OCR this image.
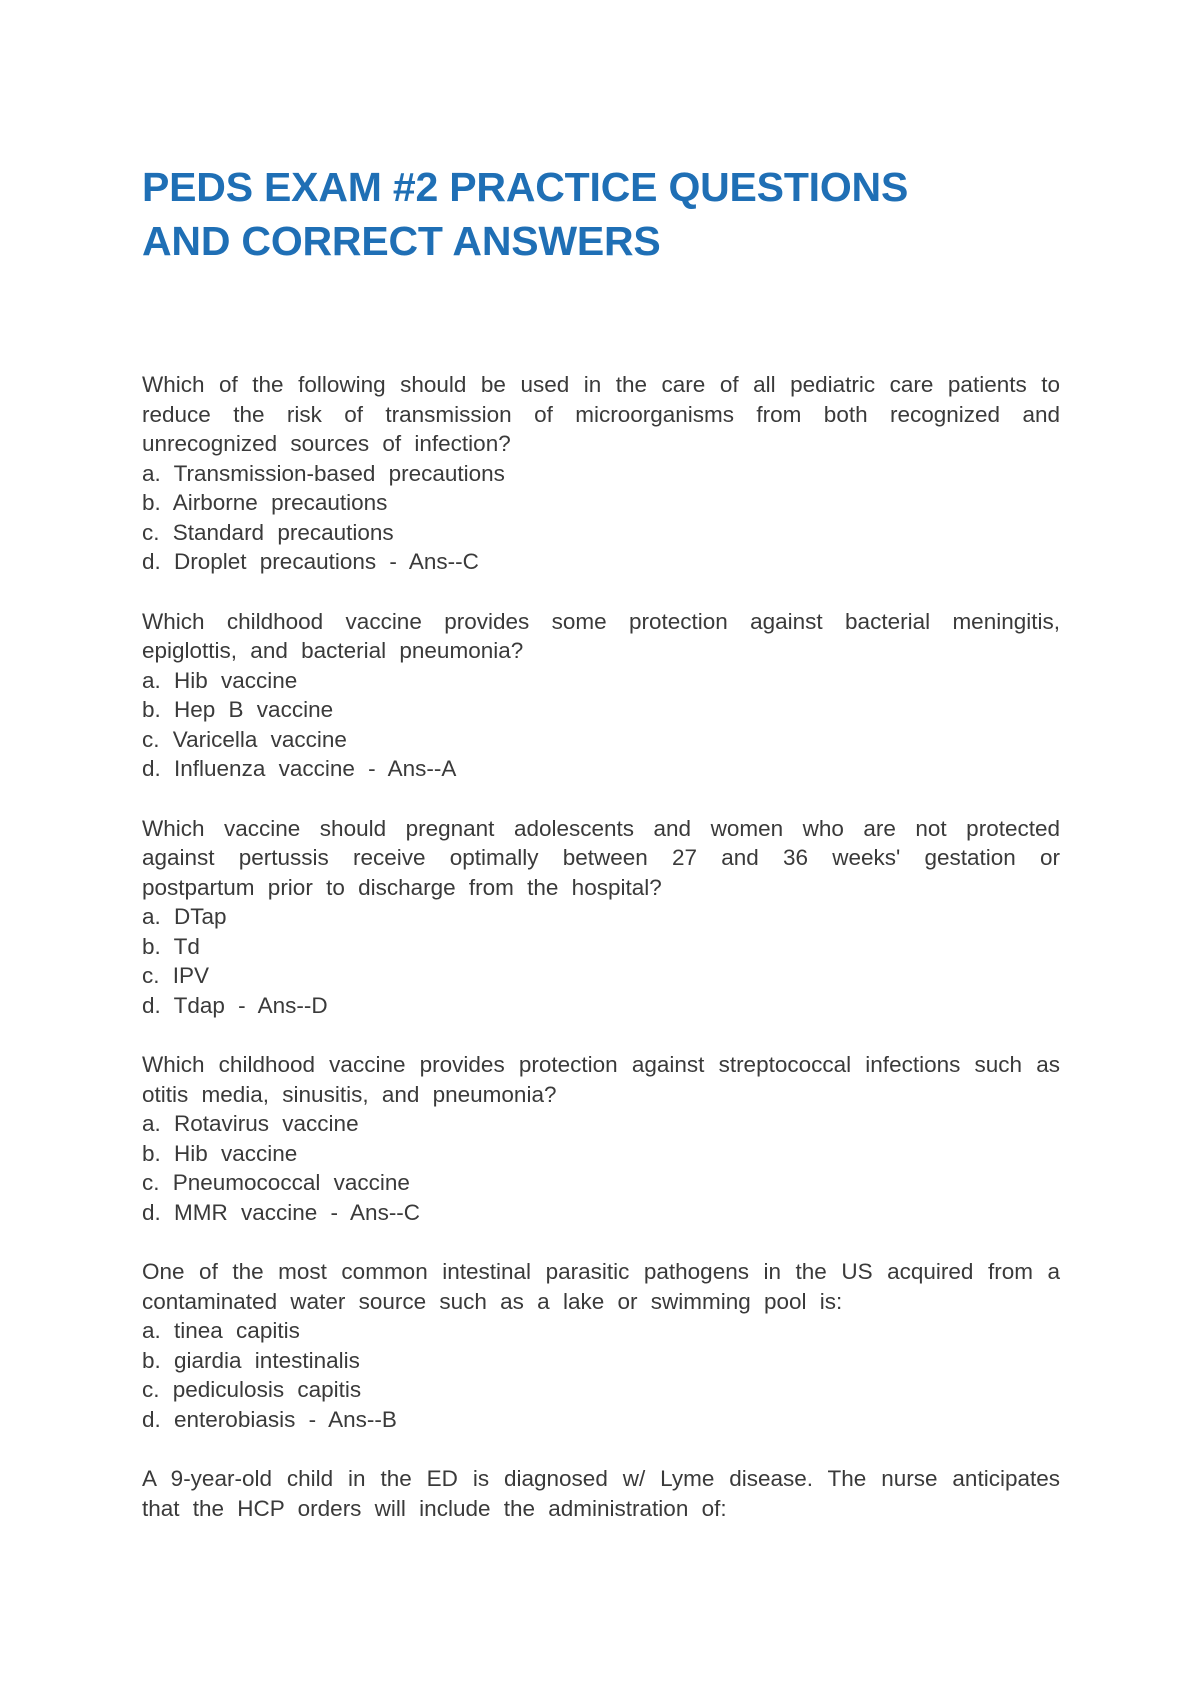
PEDS EXAM #2 PRACTICE QUESTIONS
AND CORRECT ANSWERS

Which of the following should be used in the care of all pediatric care patients to reduce the risk of transmission of microorganisms from both recognized and unrecognized sources of infection?

a. Transmission-based precautions
b. Airborne precautions
c. Standard precautions
d. Droplet precautions - Ans--C

Which childhood vaccine provides some protection against bacterial meningitis, epiglottis, and bacterial pneumonia?

a. Hib vaccine
b. Hep B vaccine
c. Varicella vaccine
d. Influenza vaccine - Ans--A

Which vaccine should pregnant adolescents and women who are not protected against pertussis receive optimally between 27 and 36 weeks' gestation or postpartum prior to discharge from the hospital?

a. DTap
b. Td
c. IPV
d. Tdap - Ans--D

Which childhood vaccine provides protection against streptococcal infections such as otitis media, sinusitis, and pneumonia?

a. Rotavirus vaccine
b. Hib vaccine
c. Pneumococcal vaccine
d. MMR vaccine - Ans--C

One of the most common intestinal parasitic pathogens in the US acquired from a contaminated water source such as a lake or swimming pool is:

a. tinea capitis
b. giardia intestinalis
c. pediculosis capitis
d. enterobiasis - Ans--B

A 9-year-old child in the ED is diagnosed w/ Lyme disease. The nurse anticipates that the HCP orders will include the administration of:
